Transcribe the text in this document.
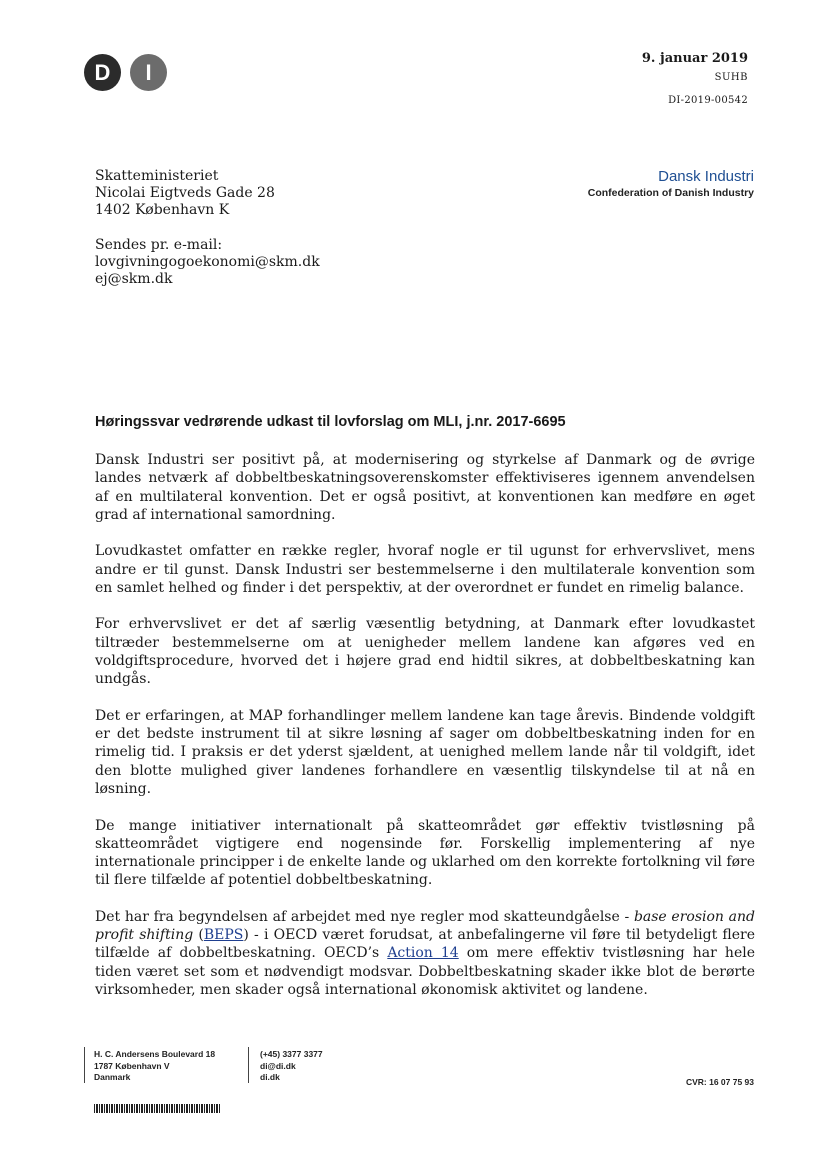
D	I
9. januar 2019
SUHB
DI-2019-00542
Skatteministeriet
Nicolai Eigtveds Gade 28
1402 København K
Sendes pr. e-mail:
lovgivningogoekonomi@skm.dk
ej@skm.dk
Dansk Industri
Confederation of Danish Industry
Høringssvar vedrørende udkast til lovforslag om MLI, j.nr. 2017-6695

Dansk Industri ser positivt på, at modernisering og styrkelse af Danmark og de øvrige landes netværk af dobbeltbeskatningsoverenskomster effektiviseres igennem anvendelsen af en multilateral konvention. Det er også positivt, at konventionen kan medføre en øget grad af international samordning.

Lovudkastet omfatter en række regler, hvoraf nogle er til ugunst for erhvervslivet, mens andre er til gunst. Dansk Industri ser bestemmelserne i den multilaterale konvention som en samlet helhed og finder i det perspektiv, at der overordnet er fundet en rimelig balance.

For erhvervslivet er det af særlig væsentlig betydning, at Danmark efter lovudkastet tiltræder bestemmelserne om at uenigheder mellem landene kan afgøres ved en voldgiftsprocedure, hvorved det i højere grad end hidtil sikres, at dobbeltbeskatning kan undgås.

Det er erfaringen, at MAP forhandlinger mellem landene kan tage årevis. Bindende voldgift er det bedste instrument til at sikre løsning af sager om dobbeltbeskatning inden for en rimelig tid. I praksis er det yderst sjældent, at uenighed mellem lande når til voldgift, idet den blotte mulighed giver landenes forhandlere en væsentlig tilskyndelse til at nå en løsning.

De mange initiativer internationalt på skatteområdet gør effektiv tvistløsning på skatteområdet vigtigere end nogensinde før. Forskellig implementering af nye internationale principper i de enkelte lande og uklarhed om den korrekte fortolkning vil føre til flere tilfælde af potentiel dobbeltbeskatning.

Det har fra begyndelsen af arbejdet med nye regler mod skatteundgåelse - base erosion and profit shifting (BEPS) - i OECD været forudsat, at anbefalingerne vil føre til betydeligt flere tilfælde af dobbeltbeskatning. OECD’s Action 14 om mere effektiv tvistløsning har hele tiden været set som et nødvendigt modsvar. Dobbeltbeskatning skader ikke blot de berørte virksomheder, men skader også international økonomisk aktivitet og landene.

H. C. Andersens Boulevard 18
1787 København V
Danmark
(+45) 3377 3377
di@di.dk
di.dk	CVR: 16 07 75 93
